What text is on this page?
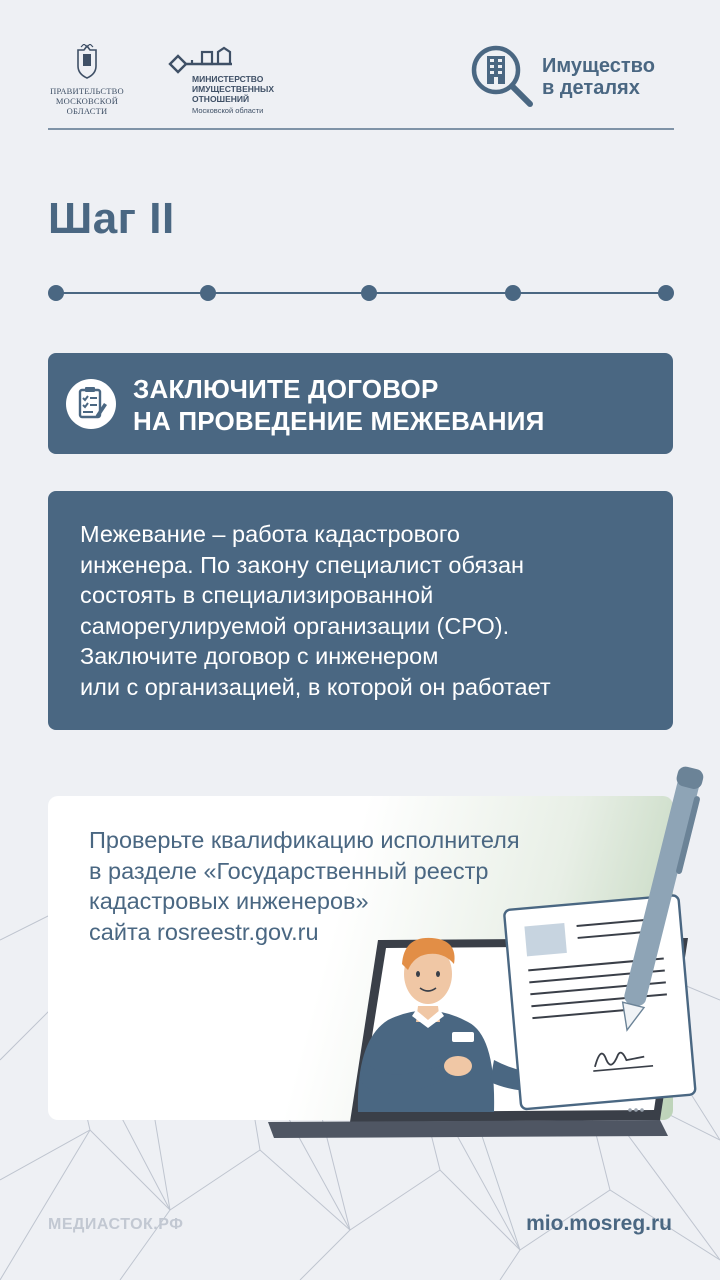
ПРАВИТЕЛЬСТВО
МОСКОВСКОЙ
ОБЛАСТИ
МИНИСТЕРСТВО
ИМУЩЕСТВЕННЫХ
ОТНОШЕНИЙ
Московской области
Имущество
в деталях
Шаг II
ЗАКЛЮЧИТЕ ДОГОВОР
НА ПРОВЕДЕНИЕ МЕЖЕВАНИЯ
Межевание – работа кадастрового
инженера. По закону специалист обязан
состоять в специализированной
саморегулируемой организации (СРО).
Заключите договор с инженером
или с организацией, в которой он работает
Проверьте квалификацию исполнителя
в разделе «Государственный реестр
кадастровых инженеров»
сайта rosreestr.gov.ru
МЕДИАСТОК.РФ	mio.mosreg.ru
